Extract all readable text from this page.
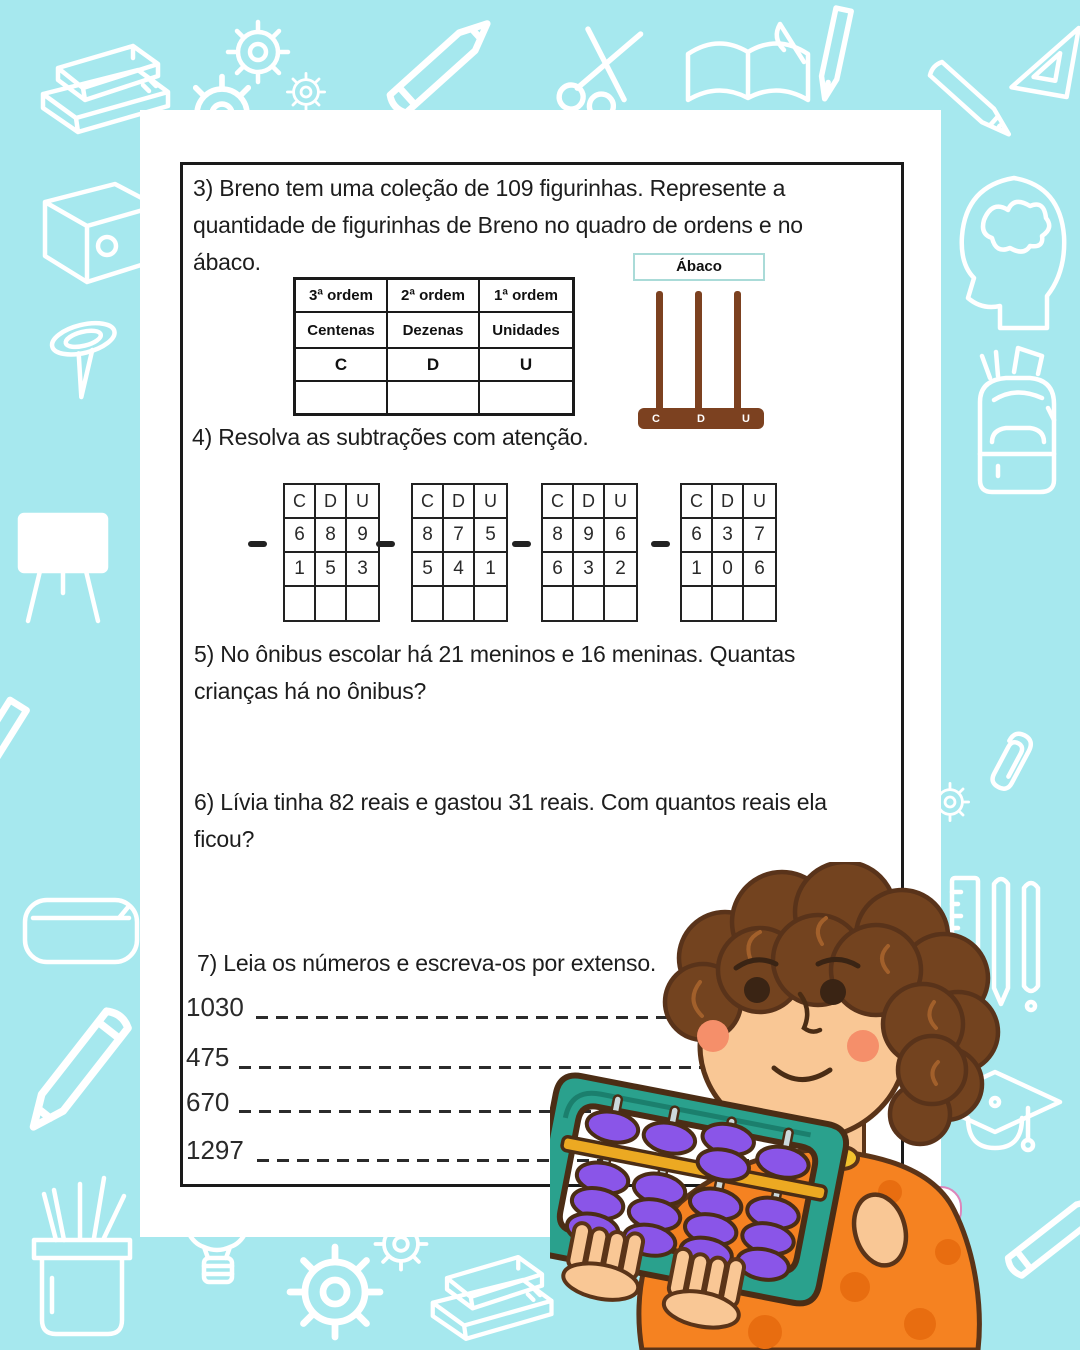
3) Breno tem uma coleção de 109 figurinhas. Represente a
quantidade de figurinhas de Breno no quadro de ordens e no
ábaco.	Ábaco
3ª ordem	2ª ordem	1ª ordem
Centenas	Dezenas	Unidades
C	D	U
C	D	U
4) Resolva as subtrações com atenção.
C	D	U
6	8	9
1	5	3
C	D	U
8	7	5
5	4	1
C	D	U
8	9	6
6	3	2
C	D	U
6	3	7
1	0	6
5) No ônibus escolar há 21 meninos e 16 meninas. Quantas
crianças há no ônibus?
6) Lívia tinha 82 reais e gastou 31 reais. Com quantos reais ela
ficou?
7) Leia os números e escreva-os por extenso.
1030
475
670
1297
